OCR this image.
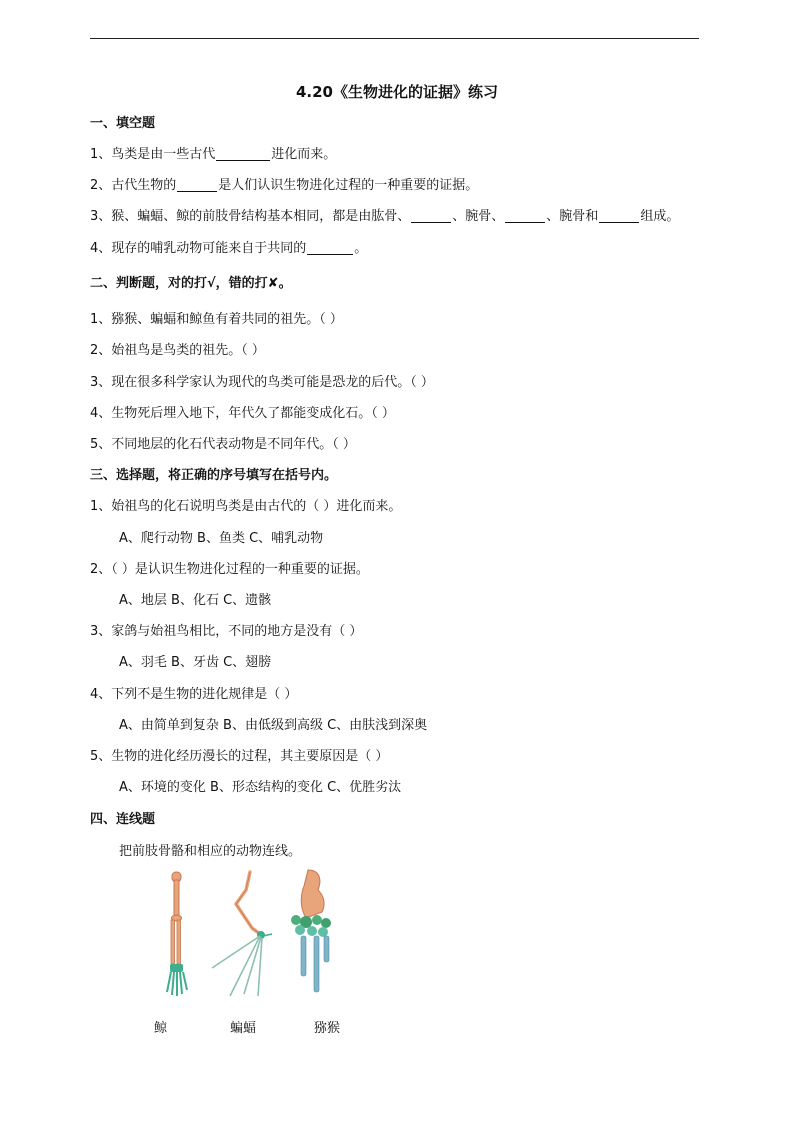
4.20《生物进化的证据》练习
一、填空题
1、鸟类是由一些古代	进化而来。
2、古代生物的	是人们认识生物进化过程的一种重要的证据。
3、猴、蝙蝠、鲸的前肢骨结构基本相同，都是由肱骨、	、腕骨、	、腕骨和	组成。
4、现存的哺乳动物可能来自于共同的	。
二、判断题，对的打√，错的打✘。
1、猕猴、蝙蝠和鲸鱼有着共同的祖先。（ ）
2、始祖鸟是鸟类的祖先。（ ）
3、现在很多科学家认为现代的鸟类可能是恐龙的后代。（ ）
4、生物死后埋入地下，年代久了都能变成化石。（ ）
5、不同地层的化石代表动物是不同年代。（ ）
三、选择题，将正确的序号填写在括号内。
1、始祖鸟的化石说明鸟类是由古代的（ ）进化而来。
A、爬行动物 B、鱼类 C、哺乳动物
2、（ ）是认识生物进化过程的一种重要的证据。
A、地层 B、化石 C、遗骸
3、家鸽与始祖鸟相比，不同的地方是没有（ ）
A、羽毛 B、牙齿 C、翅膀
4、下列不是生物的进化规律是（ ）
A、由简单到复杂 B、由低级到高级 C、由肤浅到深奥
5、生物的进化经历漫长的过程，其主要原因是（ ）
A、环境的变化 B、形态结构的变化 C、优胜劣汰
四、连线题
把前肢骨骼和相应的动物连线。
鲸	蝙蝠	猕猴
